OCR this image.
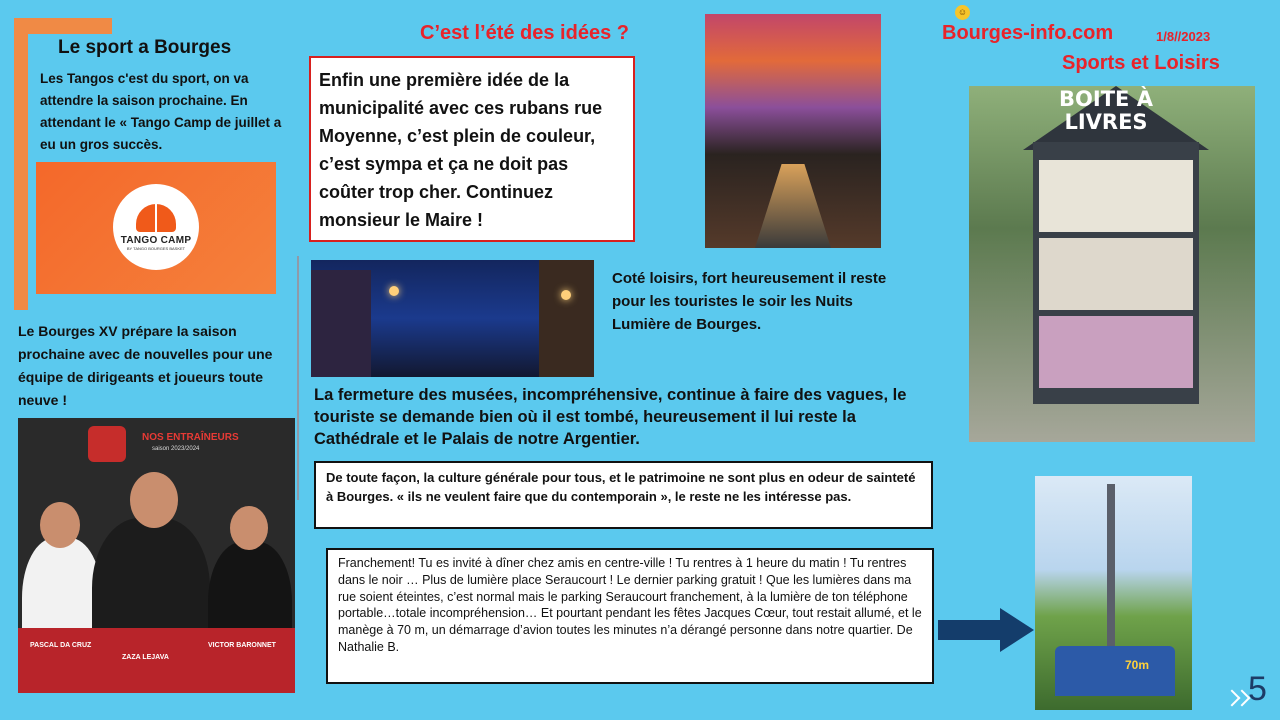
Le sport a Bourges
Les Tangos c'est du sport, on va attendre la saison prochaine. En attendant le « Tango Camp de juillet a eu un gros succès.
TANGO CAMP
BY TANGO BOURGES BASKET
Le Bourges XV prépare la saison prochaine avec de nouvelles pour une équipe de dirigeants et joueurs toute neuve !
NOS ENTRAÎNEURS
saison 2023/2024
PASCAL DA CRUZ
ZAZA LEJAVA
VICTOR BARONNET
C’est l’été des idées ?
Enfin une première idée de la municipalité avec ces rubans rue Moyenne, c’est plein de couleur, c’est sympa et ça ne doit pas coûter trop cher. Continuez monsieur le Maire !
Coté loisirs, fort heureusement il reste pour les touristes le soir les Nuits Lumière de Bourges.
La fermeture des musées, incompréhensive, continue à faire des vagues, le touriste se demande bien où il est tombé, heureusement il lui reste la Cathédrale et le Palais de notre Argentier.
De toute façon, la culture générale pour tous, et le patrimoine ne sont plus en odeur de sainteté à Bourges. « ils ne veulent faire que du contemporain », le reste ne les intéresse pas.
Franchement! Tu es invité à dîner chez amis en centre-ville ! Tu rentres à 1 heure du matin ! Tu rentres dans le noir … Plus de lumière place Seraucourt ! Le dernier parking gratuit ! Que les lumières dans ma rue soient éteintes, c’est normal mais le parking Seraucourt franchement, à la lumière de ton téléphone portable…totale incompréhension… Et pourtant pendant les fêtes Jacques Cœur, tout restait allumé, et le manège à 70 m, un démarrage d’avion toutes les minutes n’a dérangé personne dans notre quartier. De Nathalie B.
70m
☺
Bourges-info.com	1/8//2023
Sports et Loisirs
BOITE À LIVRES
5
